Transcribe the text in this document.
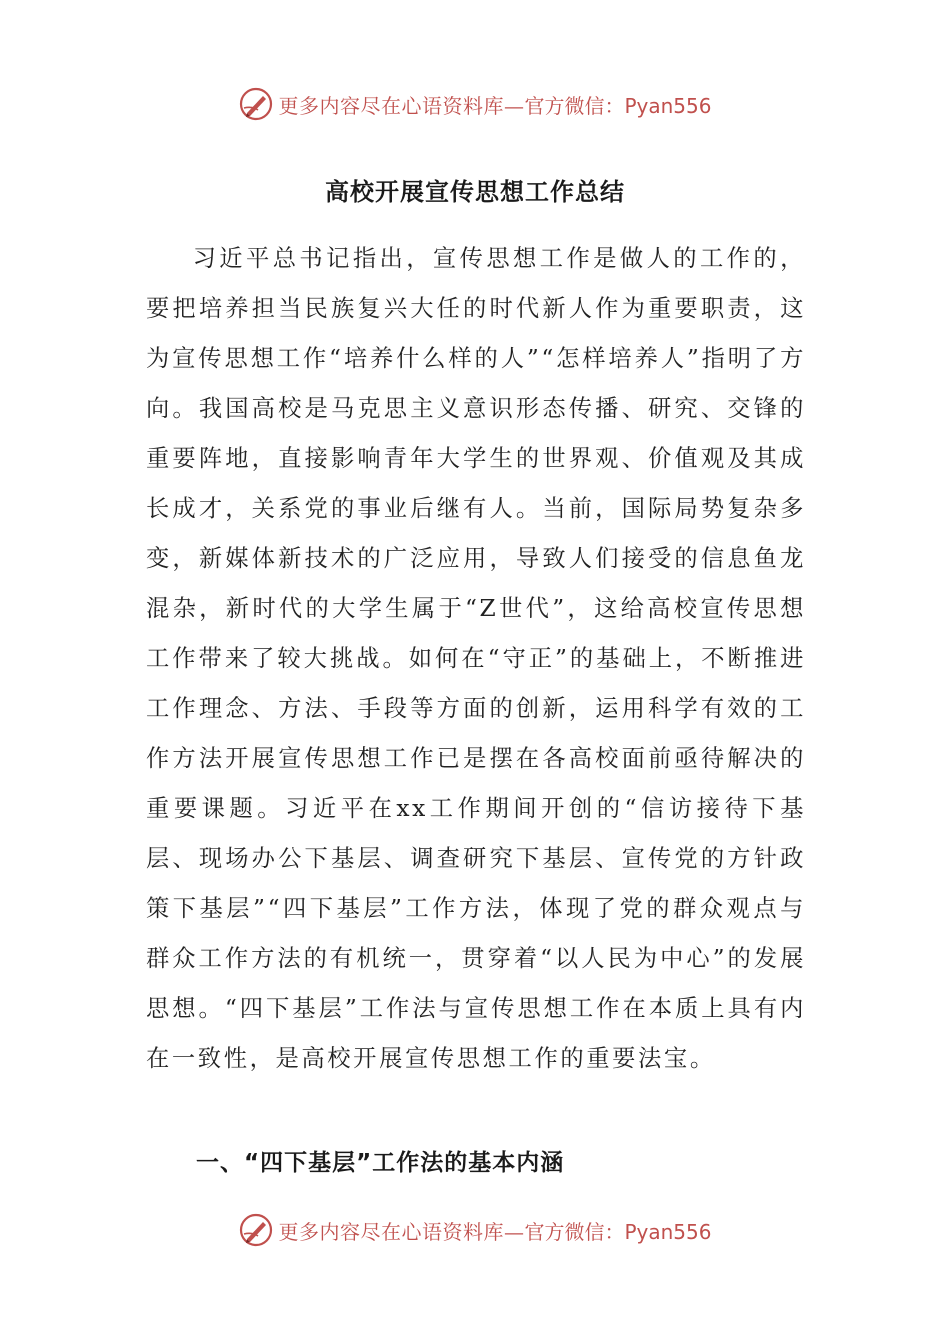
更多内容尽在心语资料库— 官方微信：Pyan556
高校开展宣传思想工作总结

习近平总书记指出，宣传思想工作是做人的工作的，要把培养担当民族复兴大任的时代新人作为重要职责，这为宣传思想工作“培养什么样的人”“怎样培养人”指明了方向。我国高校是马克思主义意识形态传播、研究、交锋的重要阵地，直接影响青年大学生的世界观、价值观及其成长成才，关系党的事业后继有人。当前，国际局势复杂多变，新媒体新技术的广泛应用，导致人们接受的信息鱼龙混杂，新时代的大学生属于“Z世代”，这给高校宣传思想工作带来了较大挑战。如何在“守正”的基础上，不断推进工作理念、方法、手段等方面的创新，运用科学有效的工作方法开展宣传思想工作已是摆在各高校面前亟待解决的重要课题。习近平在xx工作期间开创的“信访接待下基层、现场办公下基层、调查研究下基层、宣传党的方针政策下基层”“四下基层”工作方法，体现了党的群众观点与群众工作方法的有机统一，贯穿着“以人民为中心”的发展思想。“四下基层”工作法与宣传思想工作在本质上具有内在一致性，是高校开展宣传思想工作的重要法宝。

一、“四下基层”工作法的基本内涵
更多内容尽在心语资料库— 官方微信：Pyan556
